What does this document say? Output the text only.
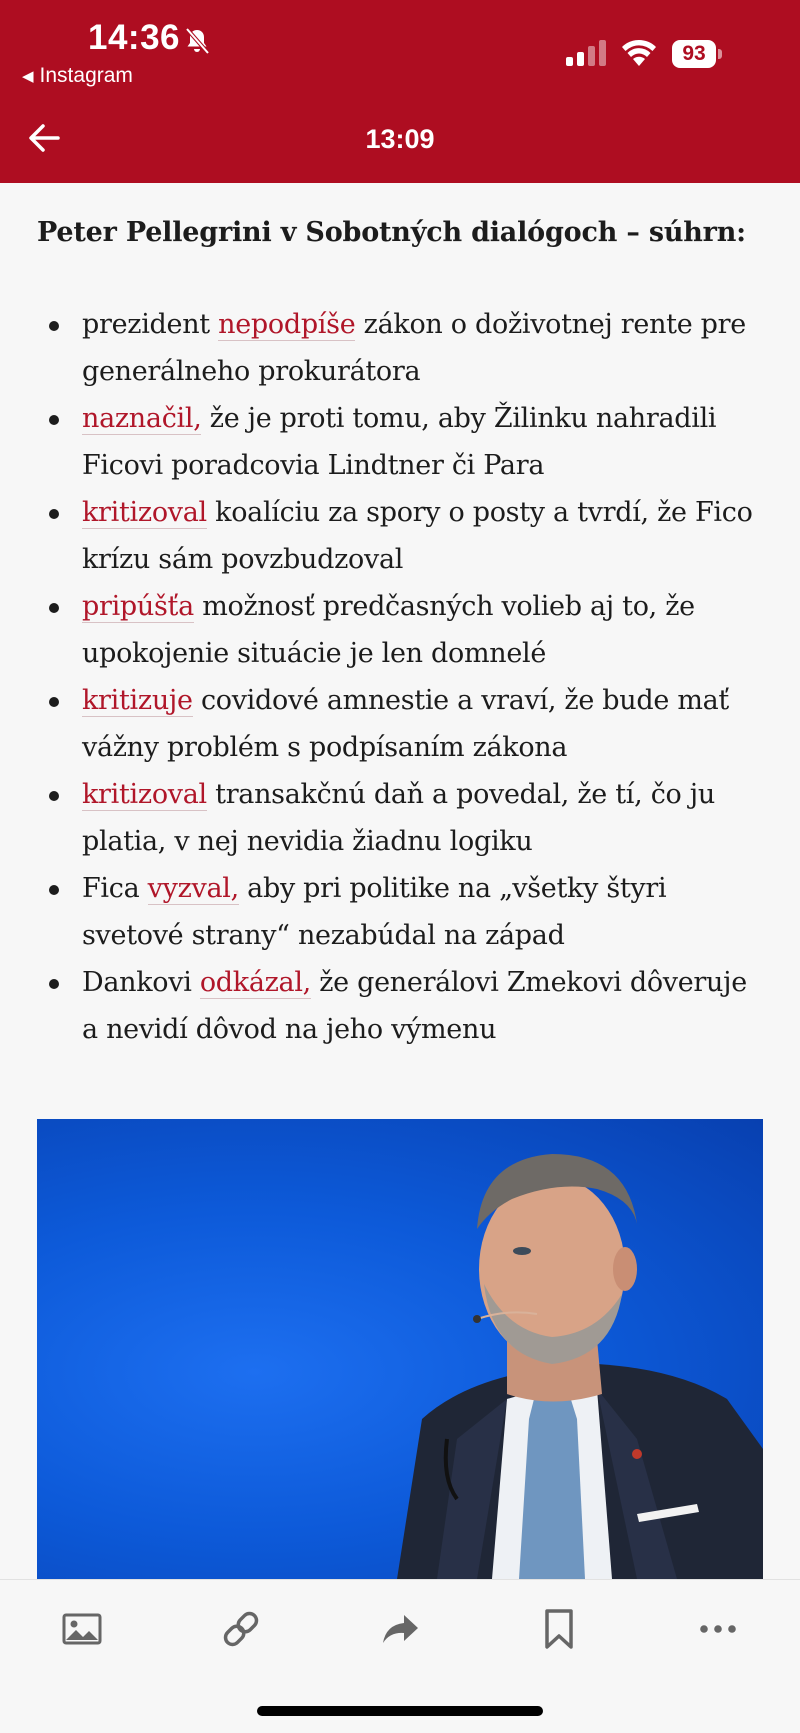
14:36
◀ Instagram
93
13:09
Peter Pellegrini v Sobotných dialógoch – súhrn:
prezident nepodpíše zákon o doživotnej rente pre generálneho prokurátora
naznačil, že je proti tomu, aby Žilinku nahradili Ficovi poradcovia Lindtner či Para
kritizoval koalíciu za spory o posty a tvrdí, že Fico krízu sám povzbudzoval
pripúšťa možnosť predčasných volieb aj to, že upokojenie situácie je len domnelé
kritizuje covidové amnestie a vraví, že bude mať vážny problém s podpísaním zákona
kritizoval transakčnú daň a povedal, že tí, čo ju platia, v nej nevidia žiadnu logiku
Fica vyzval, aby pri politike na „všetky štyri svetové strany“ nezabúdal na západ
Dankovi odkázal, že generálovi Zmekovi dôveruje a nevidí dôvod na jeho výmenu
